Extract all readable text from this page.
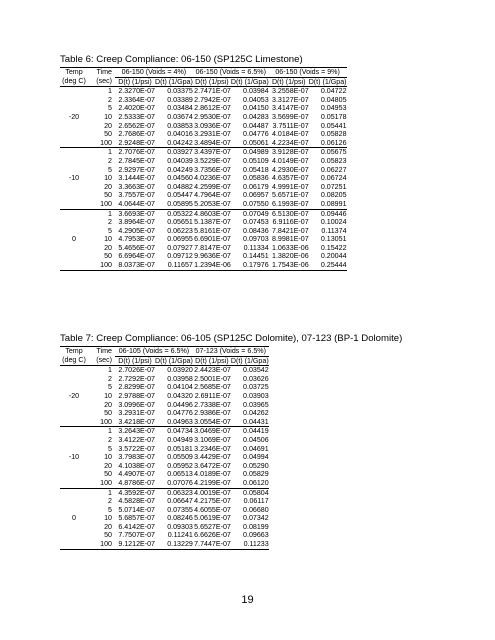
Table 6: Creep Compliance: 06-150 (SP125C Limestone)
Temp	Time	06-150 (Voids = 4%)		06-150 (Voids = 6.5%)		06-150 (Voids = 9%)	
(deg C)	(sec)	D(t) (1/psi)	D(t) (1/Gpa)	D(t) (1/psi)	D(t) (1/Gpa)	D(t) (1/psi)	D(t) (1/Gpa)
	1	2.3270E-07	0.03375	2.7471E-07	0.03984	3.2558E-07	0.04722
	2	2.3364E-07	0.03389	2.7942E-07	0.04053	3.3127E-07	0.04805
	5	2.4020E-07	0.03484	2.8612E-07	0.04150	3.4147E-07	0.04953
-20	10	2.5333E-07	0.03674	2.9530E-07	0.04283	3.5699E-07	0.05178
	20	2.6562E-07	0.03853	3.0936E-07	0.04487	3.7511E-07	0.05441
	50	2.7686E-07	0.04016	3.2931E-07	0.04776	4.0184E-07	0.05828
	100	2.9248E-07	0.04242	3.4894E-07	0.05061	4.2234E-07	0.06126
	1	2.7076E-07	0.03927	3.4397E-07	0.04989	3.9128E-07	0.05675
	2	2.7845E-07	0.04039	3.5229E-07	0.05109	4.0149E-07	0.05823
	5	2.9297E-07	0.04249	3.7356E-07	0.05418	4.2930E-07	0.06227
-10	10	3.1444E-07	0.04560	4.0236E-07	0.05836	4.6357E-07	0.06724
	20	3.3663E-07	0.04882	4.2599E-07	0.06179	4.9991E-07	0.07251
	50	3.7557E-07	0.05447	4.7964E-07	0.06957	5.6571E-07	0.08205
	100	4.0644E-07	0.05895	5.2053E-07	0.07550	6.1993E-07	0.08991
	1	3.6693E-07	0.05322	4.8603E-07	0.07049	6.5130E-07	0.09446
	2	3.8964E-07	0.05651	5.1387E-07	0.07453	6.9116E-07	0.10024
	5	4.2905E-07	0.06223	5.8161E-07	0.08436	7.8421E-07	0.11374
0	10	4.7953E-07	0.06955	6.6901E-07	0.09703	8.9981E-07	0.13051
	20	5.4656E-07	0.07927	7.8147E-07	0.11334	1.0633E-06	0.15422
	50	6.6964E-07	0.09712	9.9636E-07	0.14451	1.3820E-06	0.20044
	100	8.0373E-07	0.11657	1.2394E-06	0.17976	1.7543E-06	0.25444
Table 7: Creep Compliance: 06-105 (SP125C Dolomite), 07-123 (BP-1 Dolomite)
Temp	Time	06-105 (Voids = 6.5%)		07-123 (Voids = 6.5%)	
(deg C)	(sec)	D(t) (1/psi)	D(t) (1/Gpa)	D(t) (1/psi)	D(t) (1/Gpa)
	1	2.7026E-07	0.03920	2.4423E-07	0.03542
	2	2.7292E-07	0.03958	2.5001E-07	0.03626
	5	2.8299E-07	0.04104	2.5685E-07	0.03725
-20	10	2.9788E-07	0.04320	2.6911E-07	0.03903
	20	3.0996E-07	0.04496	2.7338E-07	0.03965
	50	3.2931E-07	0.04776	2.9386E-07	0.04262
	100	3.4218E-07	0.04963	3.0554E-07	0.04431
	1	3.2643E-07	0.04734	3.0469E-07	0.04419
	2	3.4122E-07	0.04949	3.1069E-07	0.04506
	5	3.5722E-07	0.05181	3.2346E-07	0.04691
-10	10	3.7983E-07	0.05509	3.4429E-07	0.04994
	20	4.1038E-07	0.05952	3.6472E-07	0.05290
	50	4.4907E-07	0.06513	4.0189E-07	0.05829
	100	4.8786E-07	0.07076	4.2199E-07	0.06120
	1	4.3592E-07	0.06323	4.0019E-07	0.05804
	2	4.5828E-07	0.06647	4.2175E-07	0.06117
	5	5.0714E-07	0.07355	4.6055E-07	0.06680
0	10	5.6857E-07	0.08246	5.0619E-07	0.07342
	20	6.4142E-07	0.09303	5.6527E-07	0.08199
	50	7.7507E-07	0.11241	6.6626E-07	0.09663
	100	9.1212E-07	0.13229	7.7447E-07	0.11233
19
